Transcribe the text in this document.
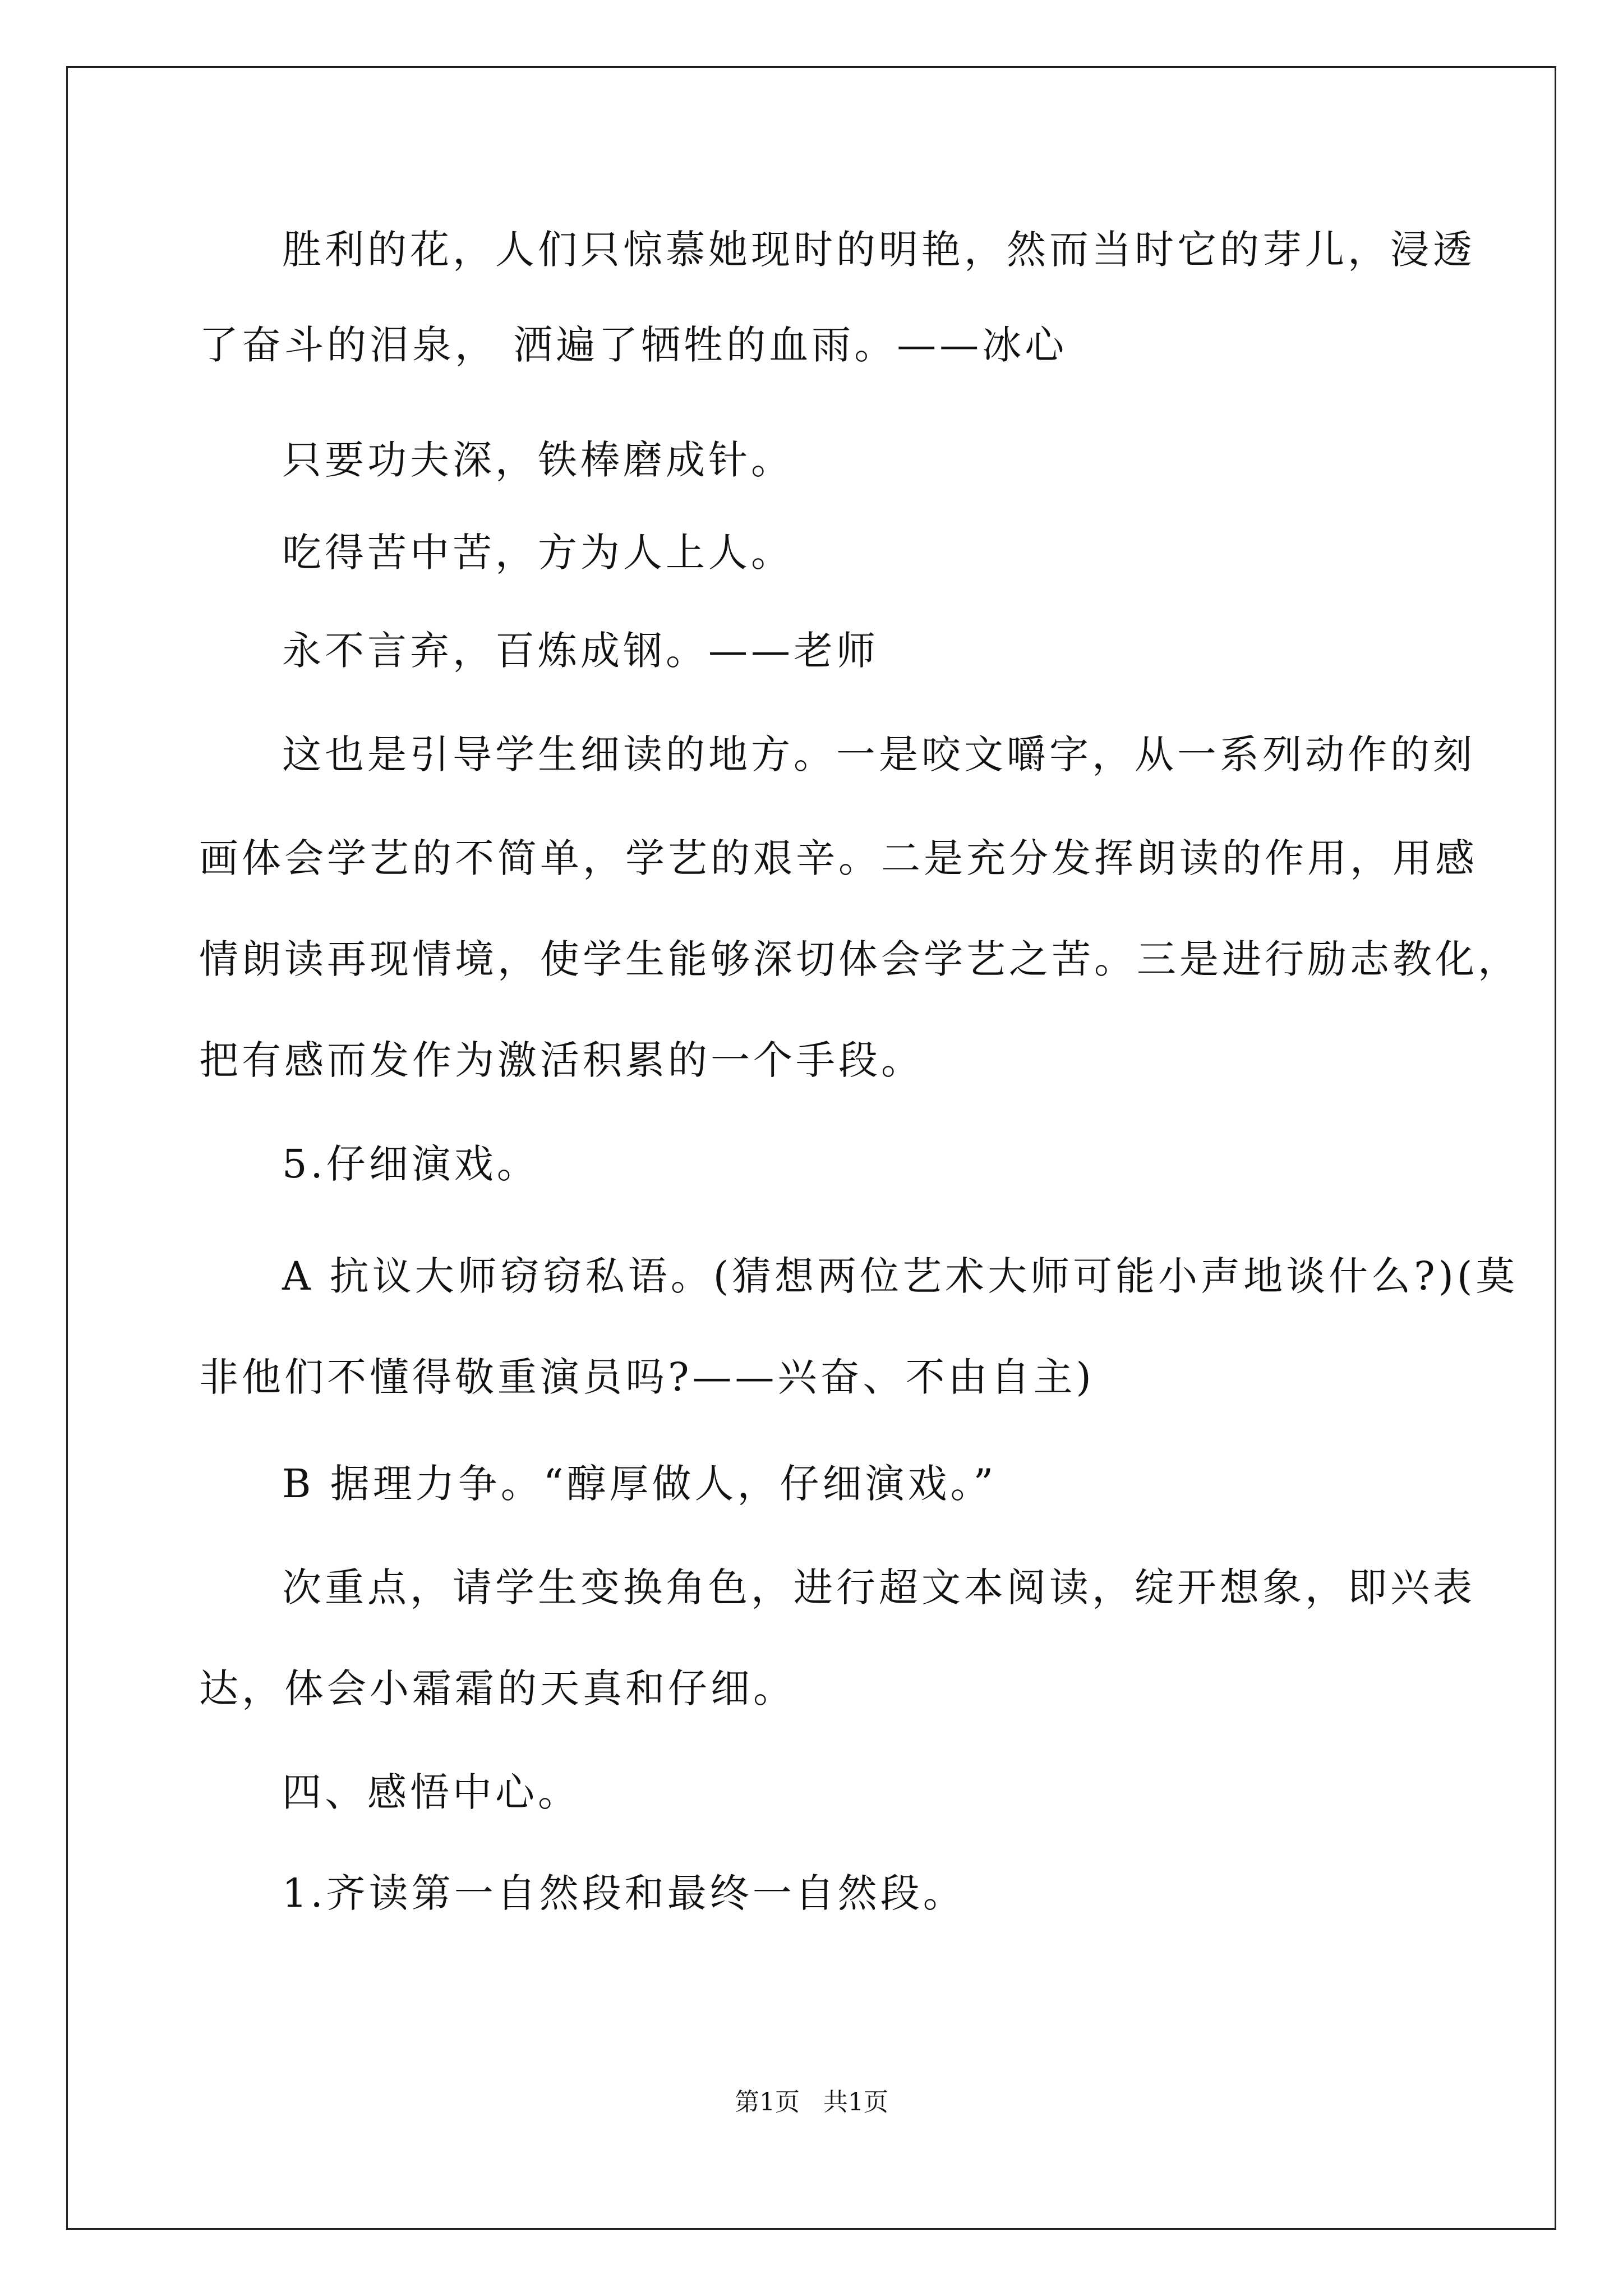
胜利的花，人们只惊慕她现时的明艳，然而当时它的芽儿，浸透
了奋斗的泪泉， 洒遍了牺牲的血雨。——冰心
只要功夫深，铁棒磨成针。
吃得苦中苦，方为人上人。
永不言弃，百炼成钢。——老师
这也是引导学生细读的地方。一是咬文嚼字，从一系列动作的刻
画体会学艺的不简单，学艺的艰辛。二是充分发挥朗读的作用，用感
情朗读再现情境，使学生能够深切体会学艺之苦。三是进行励志教化，
把有感而发作为激活积累的一个手段。
5.仔细演戏。
A 抗议大师窃窃私语。(猜想两位艺术大师可能小声地谈什么?)(莫
非他们不懂得敬重演员吗?——兴奋、不由自主)
B 据理力争。“醇厚做人，仔细演戏。”
次重点，请学生变换角色，进行超文本阅读，绽开想象，即兴表
达，体会小霜霜的天真和仔细。
四、感悟中心。
1.齐读第一自然段和最终一自然段。
第1页   共1页
